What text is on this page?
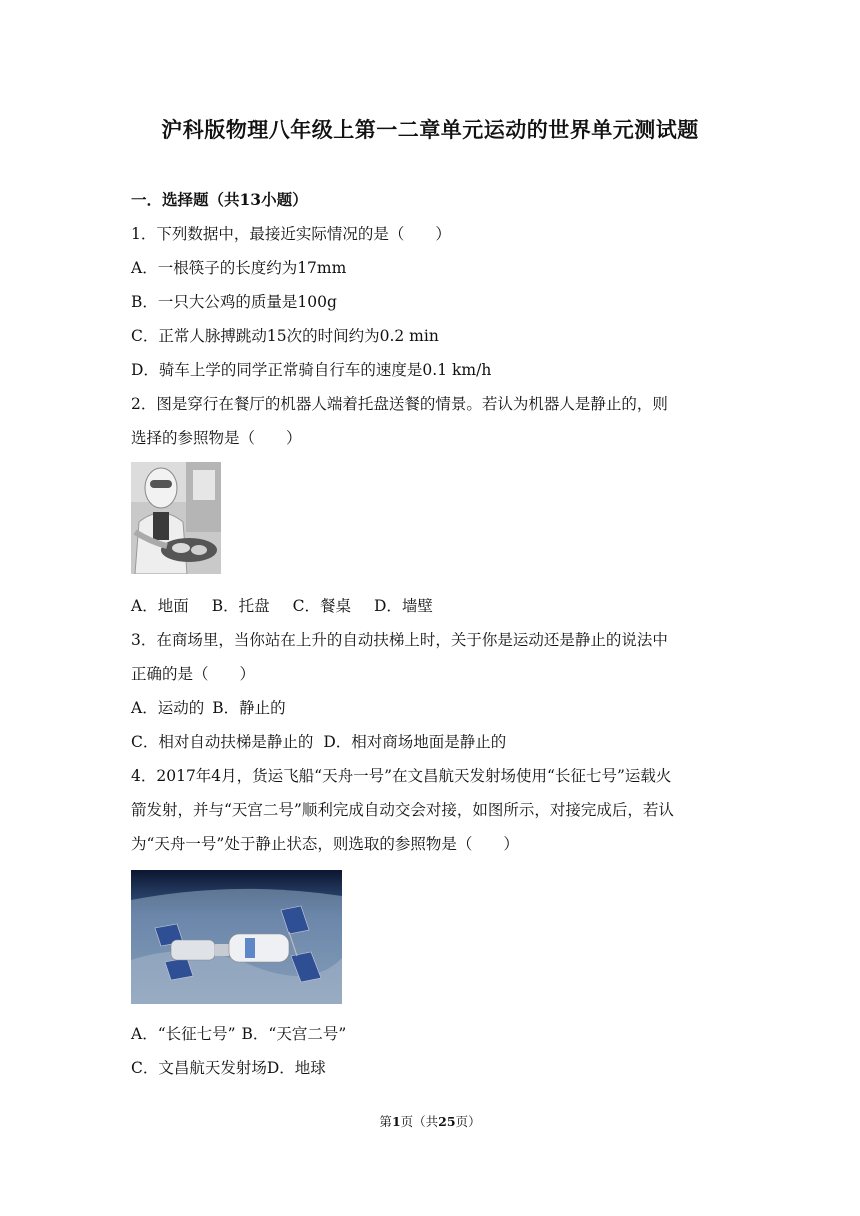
沪科版物理八年级上第一二章单元运动的世界单元测试题
一．选择题（共13小题）
1．下列数据中，最接近实际情况的是（　　）
A．一根筷子的长度约为17mm
B．一只大公鸡的质量是100g
C．正常人脉搏跳动15次的时间约为0.2 min
D．骑车上学的同学正常骑自行车的速度是0.1 km/h
2．图是穿行在餐厅的机器人端着托盘送餐的情景。若认为机器人是静止的，则
选择的参照物是（　　）
A．地面 B．托盘 C．餐桌 D．墙壁
3．在商场里，当你站在上升的自动扶梯上时，关于你是运动还是静止的说法中
正确的是（　　）
A．运动的 B．静止的
C．相对自动扶梯是静止的 D．相对商场地面是静止的
4．2017年4月，货运飞船“天舟一号”在文昌航天发射场使用“长征七号”运载火
箭发射，并与“天宫二号”顺利完成自动交会对接，如图所示，对接完成后，若认
为“天舟一号”处于静止状态，则选取的参照物是（　　）
A．“长征七号” B．“天宫二号”
C．文昌航天发射场D．地球
第1页（共25页）
